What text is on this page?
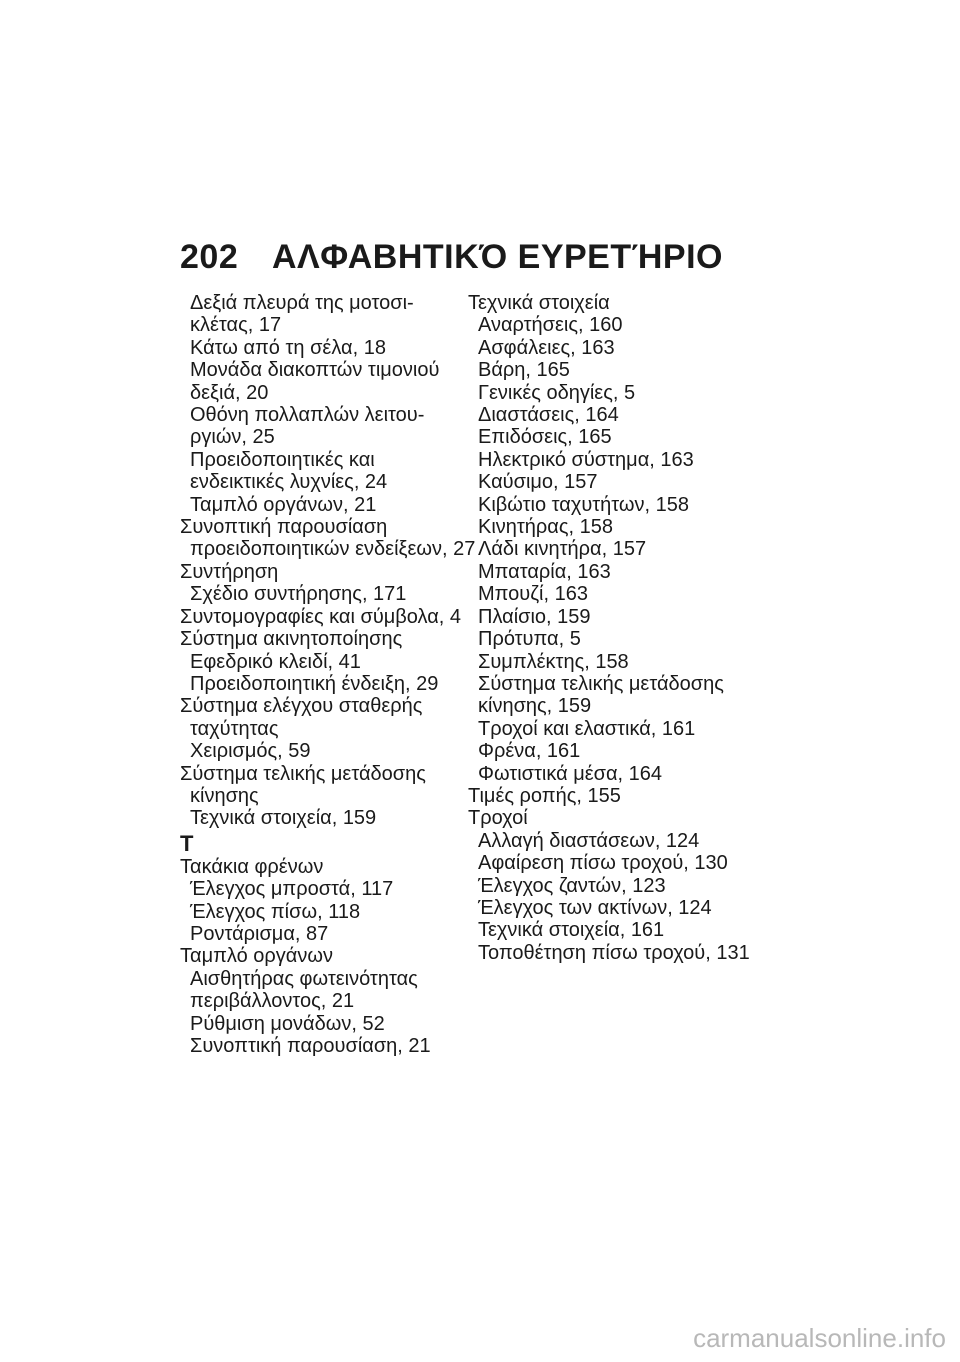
202 ΑΛΦΑΒΗΤΙΚΌ ΕΥΡΕΤΉΡΙΟ
Δεξιά πλευρά της μοτοσι-
κλέτας, 17
Κάτω από τη σέλα, 18
Μονάδα διακοπτών τιμονιού
δεξιά, 20
Οθόνη πολλαπλών λειτου-
ργιών, 25
Προειδοποιητικές και
ενδεικτικές λυχνίες, 24
Ταμπλό οργάνων, 21
Συνοπτική παρουσίαση
προειδοποιητικών ενδείξεων, 27
Συντήρηση
Σχέδιο συντήρησης, 171
Συντομογραφίες και σύμβολα, 4
Σύστημα ακινητοποίησης
Εφεδρικό κλειδί, 41
Προειδοποιητική ένδειξη, 29
Σύστημα ελέγχου σταθερής
ταχύτητας
Χειρισμός, 59
Σύστημα τελικής μετάδοσης
κίνησης
Τεχνικά στοιχεία, 159
Τ
Τακάκια φρένων
Έλεγχος μπροστά, 117
Έλεγχος πίσω, 118
Ροντάρισμα, 87
Ταμπλό οργάνων
Αισθητήρας φωτεινότητας
περιβάλλοντος, 21
Ρύθμιση μονάδων, 52
Συνοπτική παρουσίαση, 21
Τεχνικά στοιχεία
Αναρτήσεις, 160
Ασφάλειες, 163
Βάρη, 165
Γενικές οδηγίες, 5
Διαστάσεις, 164
Επιδόσεις, 165
Ηλεκτρικό σύστημα, 163
Καύσιμο, 157
Κιβώτιο ταχυτήτων, 158
Κινητήρας, 158
Λάδι κινητήρα, 157
Μπαταρία, 163
Μπουζί, 163
Πλαίσιο, 159
Πρότυπα, 5
Συμπλέκτης, 158
Σύστημα τελικής μετάδοσης
κίνησης, 159
Τροχοί και ελαστικά, 161
Φρένα, 161
Φωτιστικά μέσα, 164
Τιμές ροπής, 155
Τροχοί
Αλλαγή διαστάσεων, 124
Αφαίρεση πίσω τροχού, 130
Έλεγχος ζαντών, 123
Έλεγχος των ακτίνων, 124
Τεχνικά στοιχεία, 161
Τοποθέτηση πίσω τροχού, 131
carmanualsonline.info
